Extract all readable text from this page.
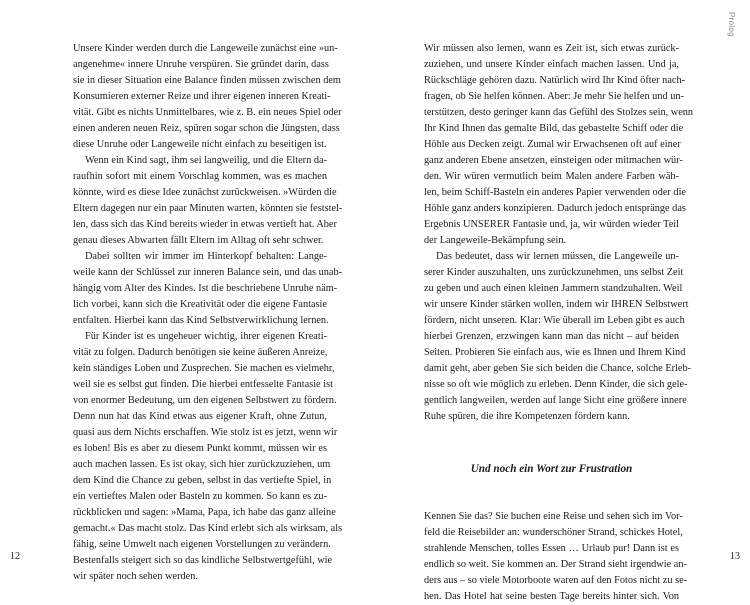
Unsere Kinder werden durch die Langeweile zunächst eine »un-
angenehme« innere Unruhe verspüren. Sie gründet darin, dass
sie in dieser Situation eine Balance finden müssen zwischen dem
Konsumieren externer Reize und ihrer eigenen inneren Kreati-
vität. Gibt es nichts Unmittelbares, wie z. B. ein neues Spiel oder
einen anderen neuen Reiz, spüren sogar schon die Jüngsten, dass
diese Unruhe oder Langeweile nicht einfach zu beseitigen ist.
Wenn ein Kind sagt, ihm sei langweilig, und die Eltern da-
raufhin sofort mit einem Vorschlag kommen, was es machen
könnte, wird es diese Idee zunächst zurückweisen. »Würden die
Eltern dagegen nur ein paar Minuten warten, könnten sie feststel-
len, dass sich das Kind bereits wieder in etwas vertieft hat. Aber
genau dieses Abwarten fällt Eltern im Alltag oft sehr schwer.
Dabei sollten wir immer im Hinterkopf behalten: Lange-
weile kann der Schlüssel zur inneren Balance sein, und das unab-
hängig vom Alter des Kindes. Ist die beschriebene Unruhe näm-
lich vorbei, kann sich die Kreativität oder die eigene Fantasie
entfalten. Hierbei kann das Kind Selbstverwirklichung lernen.
Für Kinder ist es ungeheuer wichtig, ihrer eigenen Kreati-
vität zu folgen. Dadurch benötigen sie keine äußeren Anreize,
kein ständiges Loben und Zusprechen. Sie machen es vielmehr,
weil sie es selbst gut finden. Die hierbei entfesselte Fantasie ist
von enormer Bedeutung, um den eigenen Selbstwert zu fördern.
Denn nun hat das Kind etwas aus eigener Kraft, ohne Zutun,
quasi aus dem Nichts erschaffen. Wie stolz ist es jetzt, wenn wir
es loben! Bis es aber zu diesem Punkt kommt, müssen wir es
auch machen lassen. Es ist okay, sich hier zurückzuziehen, um
dem Kind die Chance zu geben, selbst in das vertiefte Spiel, in
ein vertieftes Malen oder Basteln zu kommen. So kann es zu-
rückblicken und sagen: »Mama, Papa, ich habe das ganz alleine
gemacht.« Das macht stolz. Das Kind erlebt sich als wirksam, als
fähig, seine Umwelt nach eigenen Vorstellungen zu verändern.
Bestenfalls steigert sich so das kindliche Selbstwertgefühl, wie
wir später noch sehen werden.
12
Prolog
Wir müssen also lernen, wann es Zeit ist, sich etwas zurück-
zuziehen, und unsere Kinder einfach machen lassen. Und ja,
Rückschläge gehören dazu. Natürlich wird Ihr Kind öfter nach-
fragen, ob Sie helfen können. Aber: Je mehr Sie helfen und un-
terstützen, desto geringer kann das Gefühl des Stolzes sein, wenn
Ihr Kind Ihnen das gemalte Bild, das gebastelte Schiff oder die
Höhle aus Decken zeigt. Zumal wir Erwachsenen oft auf einer
ganz anderen Ebene ansetzen, einsteigen oder mitmachen wür-
den. Wir würen vermutlich beim Malen andere Farben wäh-
len, beim Schiff-Basteln ein anderes Papier verwenden oder die
Höhle ganz anders konzipieren. Dadurch jedoch entspränge das
Ergebnis UNSERER Fantasie und, ja, wir würden wieder Teil
der Langeweile-Bekämpfung sein.
Das bedeutet, dass wir lernen müssen, die Langeweile un-
serer Kinder auszuhalten, uns zurückzunehmen, uns selbst Zeit
zu geben und auch einen kleinen Jammern standzuhalten. Weil
wir unsere Kinder stärken wollen, indem wir IHREN Selbstwert
fördern, nicht unseren. Klar: Wie überall im Leben gibt es auch
hierbei Grenzen, erzwingen kann man das nicht – auf beiden
Seiten. Probieren Sie einfach aus, wie es Ihnen und Ihrem Kind
damit geht, aber geben Sie sich beiden die Chance, solche Erleb-
nisse so oft wie möglich zu erleben. Denn Kinder, die sich gele-
gentlich langweilen, werden auf lange Sicht eine größere innere
Ruhe spüren, die ihre Kompetenzen fördern kann.
Und noch ein Wort zur Frustration
Kennen Sie das? Sie buchen eine Reise und sehen sich im Vor-
feld die Reisebilder an: wunderschöner Strand, schickes Hotel,
strahlende Menschen, tolles Essen … Urlaub pur! Dann ist es
endlich so weit. Sie kommen an. Der Strand sieht irgendwie an-
ders aus – so viele Motorboote waren auf den Fotos nicht zu se-
hen. Das Hotel hat seine besten Tage bereits hinter sich. Von
13
